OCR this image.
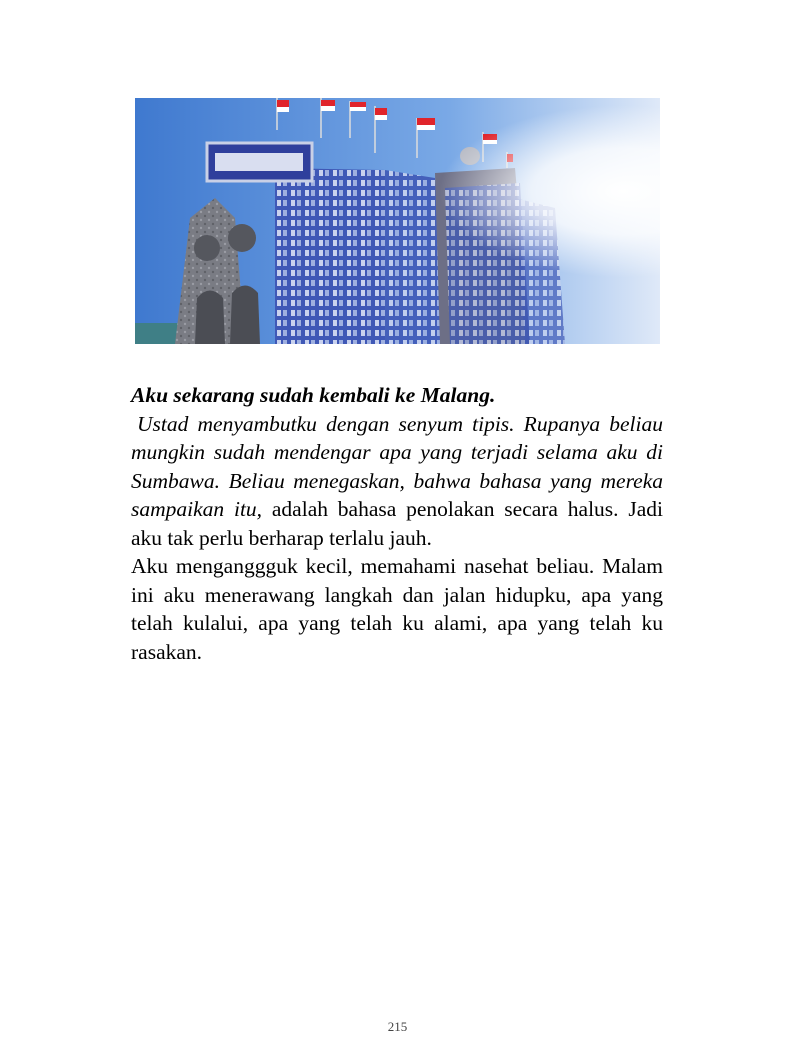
Aku sekarang sudah kembali ke Malang.

Ustad menyambutku dengan senyum tipis. Rupanya beliau mungkin sudah mendengar apa yang terjadi selama aku di Sumbawa. Beliau menegaskan, bahwa bahasa yang mereka sampaikan itu, adalah bahasa penolakan secara halus. Jadi aku tak perlu berharap terlalu jauh.

Aku menganggguk kecil, memahami nasehat beliau. Malam ini aku menerawang langkah dan jalan hidupku, apa yang telah kulalui, apa yang telah ku alami, apa yang telah ku rasakan.

215
